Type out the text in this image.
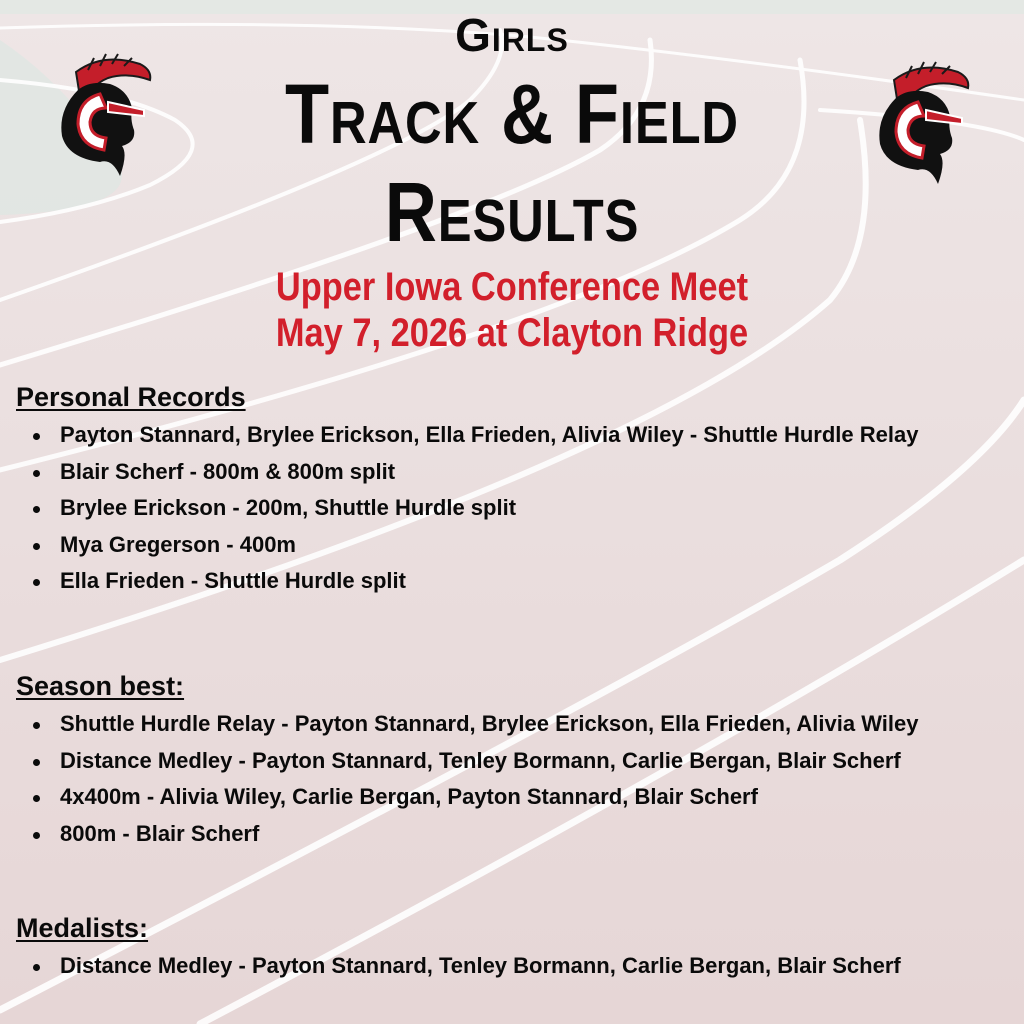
Girls
Track & Field
Results
Upper Iowa Conference Meet
May 7, 2026 at Clayton Ridge
Personal Records
Payton Stannard, Brylee Erickson, Ella Frieden, Alivia Wiley - Shuttle Hurdle Relay
Blair Scherf - 800m & 800m split
Brylee Erickson - 200m, Shuttle Hurdle split
Mya Gregerson - 400m
Ella Frieden - Shuttle Hurdle split
Season best:
Shuttle Hurdle Relay - Payton Stannard, Brylee Erickson, Ella Frieden, Alivia Wiley
Distance Medley - Payton Stannard, Tenley Bormann, Carlie Bergan, Blair Scherf
4x400m - Alivia Wiley, Carlie Bergan, Payton Stannard, Blair Scherf
800m - Blair Scherf
Medalists:
Distance Medley - Payton Stannard, Tenley Bormann, Carlie Bergan, Blair Scherf
